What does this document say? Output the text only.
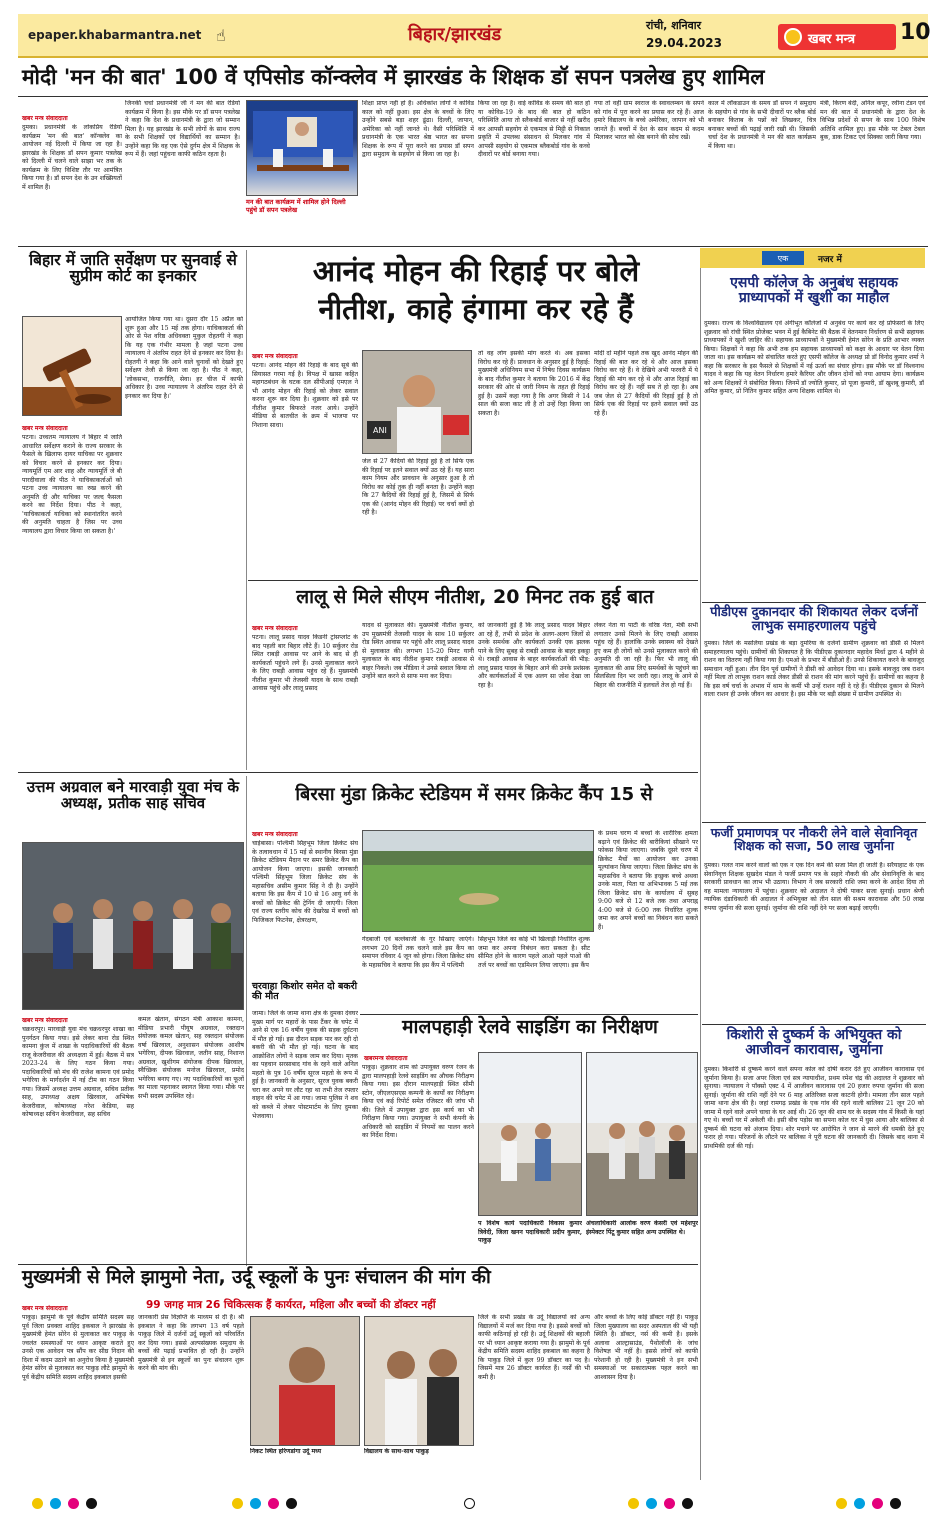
epaper.khabarmantra.net ☝	बिहार/झारखंड	रांची, शनिवार
29.04.2023	खबर मन्त्र	10
मोदी 'मन की बात' 100 वें एपिसोड कॉन्क्लेव में झारखंड के शिक्षक डॉ सपन पत्रलेख हुए शामिल
खबर मन्त्र संवाददाता
दुमका। प्रधानमंत्री के लोकप्रिय रेडियो कार्यक्रम 'मन की बात' कॉन्क्लेव का आयोजन नई दिल्ली में किया जा रहा है। झारखंड के शिक्षक डॉ सपन कुमार पत्रलेख को दिल्ली में चलने वाले साझा भर तक के कार्यक्रम के लिए विशिष्ट तौर पर आमंत्रित किया गया है। डॉ सपन देश के उन शख्सियतों में शामिल हैं।
जिनकी चर्चा प्रधानमंत्री जी ने मन की बात रेडियो कार्यक्रम में किया है। इस मौके पर डॉ सपन पत्रलेख ने कहा कि देश के प्रधानमंत्री के द्वारा जो सम्मान मिला है। यह झारखंड के सभी लोगों के साथ राज्य के सभी शिक्षकों एवं विद्यार्थियों का सम्मान है। उन्होंने कहा कि वह एक ऐसे दुर्गम क्षेत्र में शिक्षक के रूप में हैं। जहां पहुंचना काफी कठिन रहता है।
मन की बात कार्यक्रम में शामिल होने दिल्ली पहुंचे डॉ सपन पत्रलेख
शिक्षा प्राप्त नहीं हो है। अधिकांश लोगों ने कोविड काल को नहीं छुआ। इस क्षेत्र के बच्चों के लिए उन्होंने सबसे बड़ा शहर ढूंढा। दिल्ली, जापान, अमेरिका को नहीं जानते थे। वैसी परिस्थिति में प्रधानमंत्री के एक भारत श्रेष्ठ भारत का सपना शिक्षक के रूप में पूरा करने का प्रयास डॉ सपन द्वारा समुदाय के सहयोग से किया जा रहा है।
किया जा रहा है। वाई कोविड के समय की बात हो या कोविड-19 के बाद की बात हो कठिन परिस्थिति आया तो स्लैकबोर्ड बाजार से नहीं खरीद कर आपसी सहयोग से एकमात्र से मिट्टी से निकाल प्रकृति में उपलब्ध संसाधन से मिलकर गांव में आपसी सहयोग से एकमात्र ब्लैकबोर्ड गांव के कच्चे दीवारों पर बोर्ड बनाया गया।
गया तो वहीं ग्राम स्वराज के स्वावलम्बन के सपने को गांव में पूरा करने का प्रयास कर रहे हैं। आज हमारे विद्यालय के बच्चे अमेरिका, जापान को भी जानते हैं। बच्चों में देश के साथ कदम से कदम मिलाकर भारत को श्रेष्ठ बनाने की सोच रखें।
काल में लॉकडाउन के समय डॉ सपन ने समुदाय के सहयोग से गांव के सभी दीवारों पर ब्लैक बोर्ड बनाकर किताब के पन्नों को लिखकर, चित्र बनाकर बच्चों की पढ़ाई जारी रखी थी। जिसकी चर्चा देश के प्रधानमंत्री ने मन की बात कार्यक्रम में किया था।
मंत्री, किरण बेदी, अनिल कपूर, रवीना टंडन एवं मन की बात में प्रधानमंत्री के द्वारा देश के विभिन्न प्रदेशों से सपन के साथ 100 विशेष अतिथि शामिल हुए। इस मौके पर टेबल टेबल बुक, डाक टिकट एवं सिक्का जारी किया गया।
बिहार में जाति सर्वेक्षण पर सुनवाई से सुप्रीम कोर्ट का इनकार
खबर मन्त्र संवाददाता
पटना। उच्चतम न्यायालय ने बिहार में जाति आधारित सर्वेक्षण कराने के राज्य सरकार के फैसले के खिलाफ दायर याचिका पर शुक्रवार को विचार करने से इनकार कर दिया। न्यायमूर्ति एम आर शाह और न्यायमूर्ति जे बी पारदीवाला की पीठ ने याचिकाकर्ताओं को पटना उच्च न्यायालय का रुख करने की अनुमति दी और याचिका पर जल्द फैसला करने का निर्देश दिया। पीठ ने कहा, 'याचिकाकर्ता याचिका को स्थानांतरित करने की अनुमति चाहता है जिस पर उच्च न्यायालय द्वारा विचार किया जा सकता है।'
आयोजित किया गया था। दूसरा दौर 15 अप्रैल को शुरू हुआ और 15 मई तक होगा। याचिकाकर्ता की ओर से पेश वरिष्ठ अधिवक्ता मुकुल रोहतगी ने कहा कि यह एक गंभीर मामला है जहां पटना उच्च न्यायालय ने अंतरिम राहत देने से इनकार कर दिया है। रोहतगी ने कहा कि आने वाले चुनावों को देखते हुए सर्वेक्षण तेजी से किया जा रहा है। पीठ ने कहा, 'लोकसभा, राजनीति, सेवा। हर चीज में काफी अधिकार है। उच्च न्यायालय ने अंतरिम राहत देने से इनकार कर दिया है।'
आनंद मोहन की रिहाई पर बोले
नीतीश, काहे हंगामा कर रहे हैं
खबर मन्त्र संवाददाता
पटना। आनंद मोहन की रिहाई के बाद सूबे की सियासत गरमा गई है। विपक्ष में खासा कहित महागठबंधन के घटक दल सीपीआई एमएल ने भी आनंद मोहन की रिहाई को लेकर सवाल करना शुरू कर दिया है। शुक्रवार को इसे पर नीतीश कुमार बिफरते नजर आये। उन्होंने मीडिया से बातचीत के क्रम में भाजपा पर निशाना साधा।
ANI
जेल से 27 कैदियों की रिहाई हुई है तो सिर्फ एक की रिहाई पर इतने सवाल क्यों उठ रहे हैं। यह सारा काम नियम और प्रावधान के अनुसार हुआ है तो विरोध का कोई तुक ही नहीं बनता है। उन्होंने कहा कि 27 कैदियों की रिहाई हुई है, जिसमें से सिर्फ एक की (आनंद मोहन की रिहाई) पर चर्चा क्यों हो रही है।
तो वह लोग इसकी मांग करते थे। अब इसका विरोध कर रहे हैं। प्रावधान के अनुसार हुई है रिहाई: मुख्यमंत्री अधिनियम सभा में निषेध दिवस कार्यक्रम के बाद नीतीश कुमार ने बताया कि 2016 में केंद्र सरकार की ओर से जारी नियम के तहत ही रिहाई हुई है। उसमें कहा गया है कि अगर किसी ने 14 साल की सजा काट ली है तो उन्हें रिहा किया जा सकता है।
मोदी दो महीने पहले तक खुद आनंद मोहन की रिहाई की बात कर रहे थे और आज इसका विरोध कर रहे हैं। वे देखिये अभी फरवरी में ये रिहाई की मांग कर रहे थे और आज रिहाई का विरोध कर रहे हैं। नहीं सब ते हो रहा है। अब जब जेल से 27 कैदियों की रिहाई हुई है तो सिर्फ एक की रिहाई पर इतने सवाल क्यों उठ रहे हैं।
एक	नजर में
एसपी कॉलेज के अनुबंध सहायक प्राध्यापकों में खुशी का माहौल
दुमका। राज्य के विश्वविद्यालय एवं अंगीभूत कॉलेजों में अनुबंध पर कार्य कर रहे प्रोफेसरों के लिए शुक्रवार को रांची स्थित प्रोजेक्ट भवन में हुई कैबिनेट की बैठक में वेतनमान निर्धारण से सभी सहायक प्राध्यापकों ने खुशी जाहिर की। सहायक प्राध्यापकों ने मुख्यमंत्री हेमंत सोरेन के प्रति आभार व्यक्त किया। शिक्षकों ने कहा कि अभी तक हम सहायक प्राध्यापकों को कक्षा के आधार पर वेतन दिया जाता था। इस कार्यक्रम को संचालित करते हुए एसपी कॉलेज के अध्यक्ष प्रो डॉ विनोद कुमार शर्मा ने कहा कि सरकार के इस फैसले से शिक्षकों में नई ऊर्जा का संचार होगा। इस मौके पर डॉ विश्वनाथ यादव ने कहा कि यह वेतन निर्धारण हमारे कैरियर और जीवन दोनों को नया आयाम देगा। कार्यक्रम को अन्य शिक्षकों ने संबोधित किया। जिनमें डॉ ज्योति कुमार, प्रो पूजा कुमारी, डॉ खुशबू कुमारी, डॉ अमित कुमार, प्रो नितिन कुमार सहित अन्य शिक्षक शामिल थे।
पीडीएस दुकानदार की शिकायत लेकर दर्जनों लाभुक समाहरणालय पहुंचे
दुमका। जिले के मसलिया प्रखंड के बड़ा दुमरिया के दर्जनों ग्रामीण शुक्रवार को डीसी से मिलने समाहरणालय पहुंचे। ग्रामीणों की शिकायत है कि पीडीएस दुकानदार महादेव मिर्धा द्वारा 4 महीने से राशन का वितरण नहीं किया गया है। एमओ के प्रभार में बीडीओ हैं। उनसे शिकायत करने के बावजूद समाधान नहीं हुआ। तीन दिन पूर्व ग्रामीणों ने डीसी को आवेदन दिया था। इसके बावजूद जब राशन नहीं मिला तो लाभुक राशन कार्ड लेकर डीसी से राशन की मांग करने पहुंचे हैं। ग्रामीणों का कहना है कि इस वर्ष चर्चा के अभाव में थाम के कर्मी भी उन्हें राशन नहीं दे रहे हैं। पीडीएस दुकान से मिलने वाला राशन ही उनके जीवन का आधार है। इस मौके पर बड़ी संख्या में ग्रामीण उपस्थित थे।
फर्जी प्रमाणपत्र पर नौकरी लेने वाले सेवानिवृत शिक्षक को सजा, 50 लाख जुर्माना
दुमका। गलत नाम करने वालों को एक न एक दिन कर्म की सजा मिल ही जाती है। सरैयाहाट के एक सेवानिवृत्त शिक्षक सुखदेव मंडल ने फर्जी प्रमाण पत्र के सहारे नौकरी की और सेवानिवृत्ति के बाद सरकारी प्रावधान का लाभ भी उठाया। विभाग ने जब सरकारी राशि जमा करने के आदेश दिया तो वह मामला न्यायालय में पहुंचा। शुक्रवार को अदालत ने दोषी पाकर सजा सुनाई। प्रधान श्रेणी न्यायिक दंडाधिकारी की अदालत ने अभियुक्त को तीन साल की सश्रम कारावास और 50 लाख रुपया जुर्माना की सजा सुनाई। जुर्माना की राशि नहीं देने पर सजा बढ़ाई जाएगी।
किशोरी से दुष्कर्म के अभियुक्त को आजीवन कारावास, जुर्माना
दुमका। किशोरी से दुष्कर्म करने वाले सपना कोल को दोषी करार देते हुए आजीवन कारावास एवं जुर्माना किया है। सजा अपर जिला एवं सत्र न्यायाधीश, प्रथम रमेश चंद्र की अदालत ने शुक्रवार को सुनाया। न्यायालय ने पॉक्सो एक्ट 4 में आजीवन कारावास एवं 20 हजार रुपया जुर्माना की सजा सुनाई। जुर्माना की राशि नहीं देने पर 6 माह अतिरिक्त सजा काटनी होगी। मामला तीन साल पहले जामा थाना क्षेत्र की है। जहां रामगढ़ प्रखंड के एक गांव की रहने वाली बालिका 21 जून 20 को जामा में रहने वाले अपने चाचा के घर आई थी। 26 जून की शाम घर के सदस्य गांव में किसी के यहां गए थे। बच्चों घर में अकेली थी। इसी बीच पड़ोस का सपना कोल घर में घुस आया और बालिका से दुष्कर्म की घटना को अंजाम दिया। शोर मचाने पर आरोपित ने जान से मारने की धमकी देते हुए फरार हो गया। परिजनों के लौटने पर बालिका ने पूरी घटना की जानकारी दी। जिसके बाद थाना में प्राथमिकी दर्ज की गई।
लालू से मिले सीएम नीतीश, 20 मिनट तक हुई बात
खबर मन्त्र संवाददाता
पटना। लालू प्रसाद यादव किडनी ट्रांसप्लांट के बाद पहली बार बिहार लौटे हैं। 10 सर्कुलर रोड स्थित राबड़ी आवास पर आने के बाद से ही कार्यकर्ता पहुंचने लगे हैं। उनसे मुलाकात करने के लिए राबड़ी आवास पहुंच रहे हैं। मुख्यमंत्री नीतीश कुमार भी तेजस्वी यादव के साथ राबड़ी आवास पहुंचे और लालू प्रसाद
यादव से मुलाकात की। मुख्यमंत्री नीतीश कुमार, उप मुख्यमंत्री तेजस्वी यादव के साथ 10 सर्कुलर रोड स्थित आवास पर पहुंचे और लालू प्रसाद यादव से मुलाकात की। लगभग 15-20 मिनट यानी मुलाकात के बाद नीतीश कुमार राबड़ी आवास से बाहर निकले। जब मीडिया ने उनसे सवाल किया तो उन्होंने बात करने से साफ मना कर दिया।
को जानकारी हुई है कि लालू प्रसाद यादव बिहार आ रहे हैं, तभी से प्रदेश के अलग-अलग जिलों से उनके समर्थक और कार्यकर्ता उनकी एक झलक पाने के लिए सुबह से राबड़ी आवास के बाहर इकट्ठा थे। राबड़ी आवास के बाहर कार्यकर्ताओं की भीड़: लालू प्रसाद यादव के बिहार आने की उनके प्रशंसक और कार्यकर्ताओं में एक अलग सा जोश देखा जा रहा है।
लेकर नेता या पार्टी के वरिष्ठ नेता, मंत्री सभी लगातार उनसे मिलने के लिए राबड़ी आवास पहुंच रहे हैं। हालांकि उनके स्वास्थ्य को देखते हुए कम ही लोगों को उनसे मुलाकात करने की अनुमति दी जा रही है। फिर भी लालू की मुलाकात की आस लिए समर्थकों के पहुंचने का सिलसिला दिन भर जारी रहा। लालू के आने से बिहार की राजनीति में हलचलें तेज हो गई हैं।
उत्तम अग्रवाल बने मारवाड़ी युवा मंच के अध्यक्ष, प्रतीक साह सचिव
खबर मन्त्र संवाददाता
चक्रधरपुर। मारवाड़ी युवा मंच चक्रधरपुर शाखा का पुनर्गठन किया गया। इसे लेकर बाना रोड स्थित कामना कुंज में शाखा के पदाधिकारियों की बैठक राजू केजरीवाल की अध्यक्षता में हुई। बैठक में सत्र 2023-24 के लिए गठन किया गया। पदाधिकारियों को मंच की राजेश कामना एवं प्रमोद भगेरिया के मार्गदर्शन में नई टीम का गठन किया गया। जिसमें अध्यक्ष उत्तम अग्रवाल, सचिव प्रतीक साह, उपाध्यक्ष अक्षय खिरवाल, अभिषेक केजरीवाल, कोषाध्यक्ष नरेश केडिया, सह कोषाध्यक्ष सचिन केजरीवाल, सह सचिव
कमल खेतान, संगठन मंत्री आकाश कामना, मीडिया प्रभारी पीयूष अग्रवाल, रक्तदान संयोजक कमल खेतान, सह रक्तदान संयोजक वर्षा खिरवाल, अनुशासन संयोजक आशीष भगेरिया, दीपक खिरवाल, जतीन साह, निशान्त अग्रवाल, खुशीगम संयोजक दीपक खिरवाल, स्वैच्छिक संयोजक मनोज खिरवाल, प्रमोद भगेरिया बनाए गए। नए पदाधिकारियों का फूलों का माला पहनाकर स्वागत किया गया। मौके पर सभी सदस्य उपस्थित रहे।
बिरसा मुंडा क्रिकेट स्टेडियम में समर क्रिकेट कैंप 15 से
खबर मन्त्र संवाददाता
चाईबासा। पश्चिमी सिंहभूम जिला क्रिकेट संघ के तत्वावधान में 15 मई से स्थानीय बिरसा मुंडा क्रिकेट स्टेडियम मैदान पर समर क्रिकेट कैंप का आयोजन किया जाएगा। इसकी जानकारी पश्चिमी सिंहभूम जिला क्रिकेट संघ के महासचिव असीम कुमार सिंह ने दी है। उन्होंने बताया कि इस कैंप में 10 से 16 आयु वर्ग के बच्चों को क्रिकेट की ट्रेनिंग दी जाएगी। जिला एवं राज्य स्तरीय कोच की देखरेख में बच्चों को फिजिकल फिटनेस, क्षेत्ररक्षण,
गेंदबाजी एवं बल्लेबाजी के गुर सिखाए जाएंगे। लगभग 20 दिनों तक चलने वाले इस कैंप का समापन रविवार 4 जून को होगा। जिला क्रिकेट संघ के महासचिव ने बताया कि इस कैंप में पश्चिमी
सिंहभूम जिले का कोई भी खिलाड़ी निर्धारित शुल्क जमा कर अपना निबंधन करा सकता है। सीट सीमित होने के कारण पहले आओ पहले पाओ की तर्ज पर बच्चों का एडमिशन लिया जाएगा। इस कैंप
के प्रथम चरण में बच्चों के शारीरिक क्षमता बढ़ाने एवं क्रिकेट की बारीकियां सीखाने पर फोकस किया जाएगा। जबकि दूसरे चरण में क्रिकेट मैचों का आयोजन कर उनका मूल्यांकन किया जाएगा। जिला क्रिकेट संघ के महासचिव ने बताया कि इच्छुक बच्चे अथवा उनके माता, पिता या अभिभावक 5 मई तक जिला क्रिकेट संघ के कार्यालय में सुबह 9:00 बजे से 12 बजे तक तथा अपराह्न 4:00 बजे से 6:00 तक निर्धारित शुल्क जमा कर अपने बच्चों का निबंधन करा सकते हैं।
चरवाहा किशोर समेत दो बकरी की मौत
जामा। जिले के जामा थाना क्षेत्र के दुमका देवघर मुख्य मार्ग पर महारों के पास टैंकर के चपेट में आने से एक 16 वर्षीय युवक की सड़क दुर्घटना में मौत हो गई। इस दौरान सड़क पार कर रही दो बकरी की भी मौत हो गई। घटना के बाद आक्रोशित लोगों ने सड़क जाम कर दिया। मृतक का पहचान सरसाबाद गांव के रहने वाले अनिल महतो के पुत्र 16 वर्षीय सूरज महतो के रूप में हुई है। जानकारी के अनुसार, सूरज युवक बकरी चरा कर अपने घर लौट रहा था तभी तेज रफ्तार वाहन की चपेट में आ गया। जामा पुलिस ने शव को कब्जे में लेकर पोस्टमार्टम के लिए दुमका भेजवाया।
मालपहाड़ी रेलवे साइडिंग का निरीक्षण
खबरमन्त्र संवाददाता
पाकुड़। शुक्रवार शाम को उपायुक्त वरुण रंजन के द्वारा मालपहाड़ी रेलवे साइडिंग का औचक निरीक्षण किया गया। इस दौरान मालपहाड़ी स्थित सीमी स्टोन, जीएलएसएस कम्पनी के कार्यों का निरीक्षण किया एवं कई रिपोर्ट समेत रजिस्टर की जांच भी की। जिले में उपायुक्त द्वारा इस कार्य का भी निरीक्षण किया गया। उपायुक्त ने सभी कंपनी के अधिकारी को साइडिंग में नियमों का पालन करने का निर्देश दिया।
प विशेष कार्य पदाधिकारी विकास कुमार त्रिवेदी, जिला खनन पदाधिकारी प्रदीप कुमार, पाकुड़
अंचलाधिकारी आलोक वरण केसरी एवं महेशपुर इंस्पेक्टर पिंटू कुमार सहित अन्य उपस्थित थे।
मुख्यमंत्री से मिले झामुमो नेता, उर्दू स्कूलों के पुनः संचालन की मांग की
99 जगह मात्र 26 चिकित्सक हैं कार्यरत, महिला और बच्चों की डॉक्टर नहीं
खबर मन्त्र संवाददाता
पाकुड़। झामुमो के पूर्व केंद्रीय समिति सदस्य सह पूर्व जिला प्रवक्ता शाहिद इकबाल ने झारखंड के मुख्यमंत्री हेमंत सोरेन से मुलाकात कर पाकुड़ के ज्वलंत समस्याओं पर ध्यान आकृष्ट कराते हुए उनसे एक आवेदन पत्र सौंप कर सीघ्र निदान की दिशा में कदम उठाने का अनुरोध किया है मुख्यमंत्री हेमंत सोरेन से मुलाकात कर पाकुड़ लौटे झामुमो के पूर्व केंद्रीय समिति सदस्य शाहिद इकबाल इसकी
जानकारी प्रेस विज्ञप्ति के माध्यम से दी है। श्री इकबाल ने कहा कि लगभग 13 वर्ष पहले पाकुड़ जिले में दर्जनों उर्दू स्कूलों को परिवर्तित कर दिया गया। इससे अल्पसंख्यक समुदाय के बच्चों की पढ़ाई प्रभावित हो रही है। उन्होंने मुख्यमंत्री से इन स्कूलों का पुनः संचालन शुरू करने की मांग की।
निकट स्थित हरिणडांगा उर्दू मध्य	विद्यालय के साथ-साथ पाकुड़
जिले के सभी प्रखंड के उर्दू विद्यालयों को अन्य विद्यालयों में मर्ज कर दिया गया है। इससे बच्चों को काफी कठिनाई हो रही है। उर्दू शिक्षकों की बहाली पर भी ध्यान आकृष्ट कराया गया है। झामुमो के पूर्व केंद्रीय समिति सदस्य शाहिद इकबाल का कहना है कि पाकुड़ जिले में कुल 99 डॉक्टर का पद है। जिसमें मात्र 26 डॉक्टर कार्यरत हैं। नर्सों की भी कमी है।
और बच्चों के लिए कोई डॉक्टर नहीं है। पाकुड़ जिला मुख्यालय का सदर अस्पताल की भी यही स्थिति है। डॉक्टर, नर्स की कमी है। इसके अलावा आल्ट्रासाउंड, पैथोलॉजी के जांच विशेषज्ञ भी नहीं है। इससे लोगों को काफी परेशानी हो रही है। मुख्यमंत्री ने इन सभी समस्याओं पर सकारात्मक पहल करने का आश्वासन दिया है।
